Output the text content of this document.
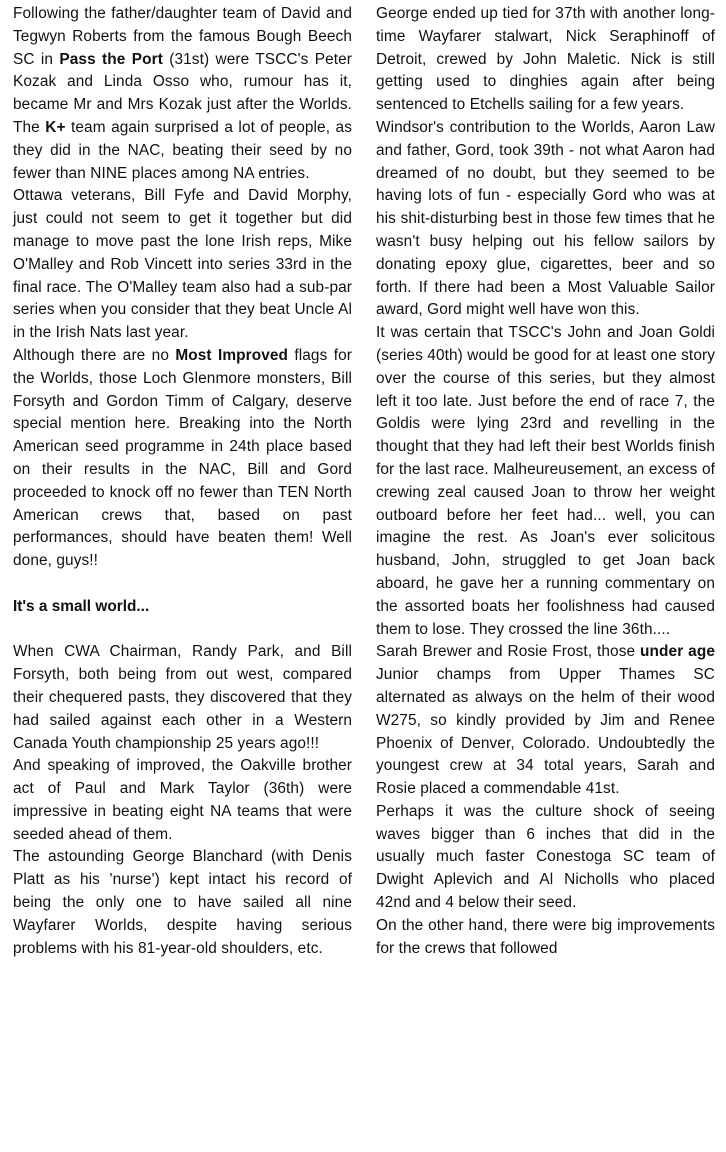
Following the father/daughter team of David and Tegwyn Roberts from the famous Bough Beech SC in Pass the Port (31st) were TSCC's Peter Kozak and Linda Osso who, rumour has it, became Mr and Mrs Kozak just after the Worlds. The K+ team again surprised a lot of people, as they did in the NAC, beating their seed by no fewer than NINE places among NA entries.

Ottawa veterans, Bill Fyfe and David Morphy, just could not seem to get it together but did manage to move past the lone Irish reps, Mike O'Malley and Rob Vincett into series 33rd in the final race. The O'Malley team also had a sub-par series when you consider that they beat Uncle Al in the Irish Nats last year.

Although there are no Most Improved flags for the Worlds, those Loch Glenmore monsters, Bill Forsyth and Gordon Timm of Calgary, deserve special mention here. Breaking into the North American seed programme in 24th place based on their results in the NAC, Bill and Gord proceeded to knock off no fewer than TEN North American crews that, based on past performances, should have beaten them! Well done, guys!!

It's a small world...

When CWA Chairman, Randy Park, and Bill Forsyth, both being from out west, compared their chequered pasts, they discovered that they had sailed against each other in a Western Canada Youth championship 25 years ago!!!

And speaking of improved, the Oakville brother act of Paul and Mark Taylor (36th) were impressive in beating eight NA teams that were seeded ahead of them.

The astounding George Blanchard (with Denis Platt as his 'nurse') kept intact his record of being the only one to have sailed all nine Wayfarer Worlds, despite having serious problems with his 81-year-old shoulders, etc.

George ended up tied for 37th with another long-time Wayfarer stalwart, Nick Seraphinoff of Detroit, crewed by John Maletic. Nick is still getting used to dinghies again after being sentenced to Etchells sailing for a few years.

Windsor's contribution to the Worlds, Aaron Law and father, Gord, took 39th - not what Aaron had dreamed of no doubt, but they seemed to be having lots of fun - especially Gord who was at his shit-disturbing best in those few times that he wasn't busy helping out his fellow sailors by donating epoxy glue, cigarettes, beer and so forth. If there had been a Most Valuable Sailor award, Gord might well have won this.

It was certain that TSCC's John and Joan Goldi (series 40th) would be good for at least one story over the course of this series, but they almost left it too late. Just before the end of race 7, the Goldis were lying 23rd and revelling in the thought that they had left their best Worlds finish for the last race. Malheureusement, an excess of crewing zeal caused Joan to throw her weight outboard before her feet had... well, you can imagine the rest. As Joan's ever solicitous husband, John, struggled to get Joan back aboard, he gave her a running commentary on the assorted boats her foolishness had caused them to lose. They crossed the line 36th....

Sarah Brewer and Rosie Frost, those under age Junior champs from Upper Thames SC alternated as always on the helm of their wood W275, so kindly provided by Jim and Renee Phoenix of Denver, Colorado. Undoubtedly the youngest crew at 34 total years, Sarah and Rosie placed a commendable 41st.

Perhaps it was the culture shock of seeing waves bigger than 6 inches that did in the usually much faster Conestoga SC team of Dwight Aplevich and Al Nicholls who placed 42nd and 4 below their seed.

On the other hand, there were big improvements for the crews that followed
